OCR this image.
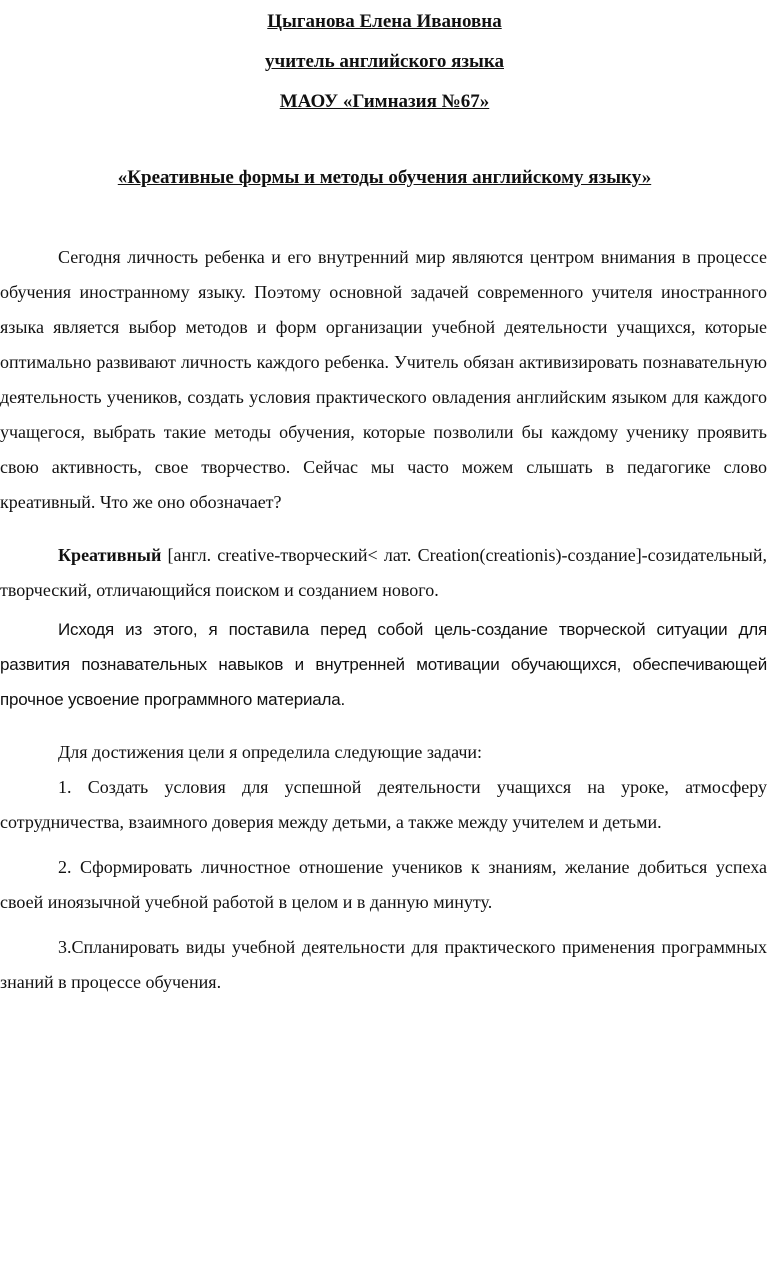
Цыганова Елена Ивановна
учитель английского языка
МАОУ «Гимназия №67»
«Креативные формы и методы обучения английскому языку»

Сегодня личность ребенка и его внутренний мир являются центром внимания в процессе обучения иностранному языку. Поэтому основной задачей современного учителя иностранного языка является выбор методов и форм организации учебной деятельности учащихся, которые оптимально развивают личность каждого ребенка. Учитель обязан активизировать познавательную деятельность учеников, создать условия практического овладения английским языком для каждого учащегося, выбрать такие методы обучения, которые позволили бы каждому ученику проявить свою активность, свое творчество. Сейчас мы часто можем слышать в педагогике слово креативный. Что же оно обозначает?

Креативный [англ. creative-творческий< лат. Creation(creationis)-создание]-созидательный, творческий, отличающийся поиском и созданием нового.

Исходя из этого, я поставила перед собой цель-создание творческой ситуации для развития познавательных навыков и внутренней мотивации обучающихся, обеспечивающей прочное усвоение программного материала.

Для достижения цели я определила следующие задачи:

1. Создать условия для успешной деятельности учащихся на уроке, атмосферу сотрудничества, взаимного доверия между детьми, а также между учителем и детьми.

2. Сформировать личностное отношение учеников к знаниям, желание добиться успеха своей иноязычной учебной работой в целом и в данную минуту.

3.Спланировать виды учебной деятельности для практического применения программных знаний в процессе обучения.
